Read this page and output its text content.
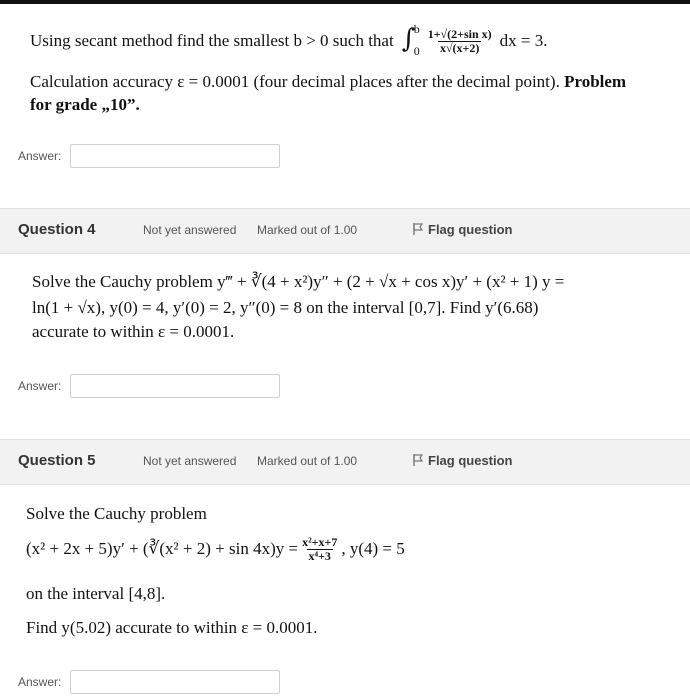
Using secant method find the smallest b > 0 such that ∫
b
$0 \frac{\text{1+√(2+sin x)}}{x√(x+2)}$ dx = 3.
Calculation accuracy ε = 0.0001 (four decimal places after the decimal point). Problem
for grade „10”.
Answer:
Question 4	Not yet answered Marked out of 1.00	Flag question
Solve the Cauchy problem y‴ + ∛(4 + x²)y″ + (2 + √x + cos x)y′ + (x² + 1) y =
ln(1 + √x), y(0) = 4, y′(0) = 2, y″(0) = 8 on the interval [0,7]. Find y′(6.68)
accurate to within ε = 0.0001.
Answer:
Question 5	Not yet answered Marked out of 1.00	Flag question
Solve the Cauchy problem
(x² + 2x + 5)y′ + (∛(x² + $2) + \sin 4x)y = \frac{\text{x²+x+7}}{\text{x⁴+3}}$ , y(4) = 5
on the interval [4,8].
Find y(5.02) accurate to within ε = 0.0001.
Answer:
